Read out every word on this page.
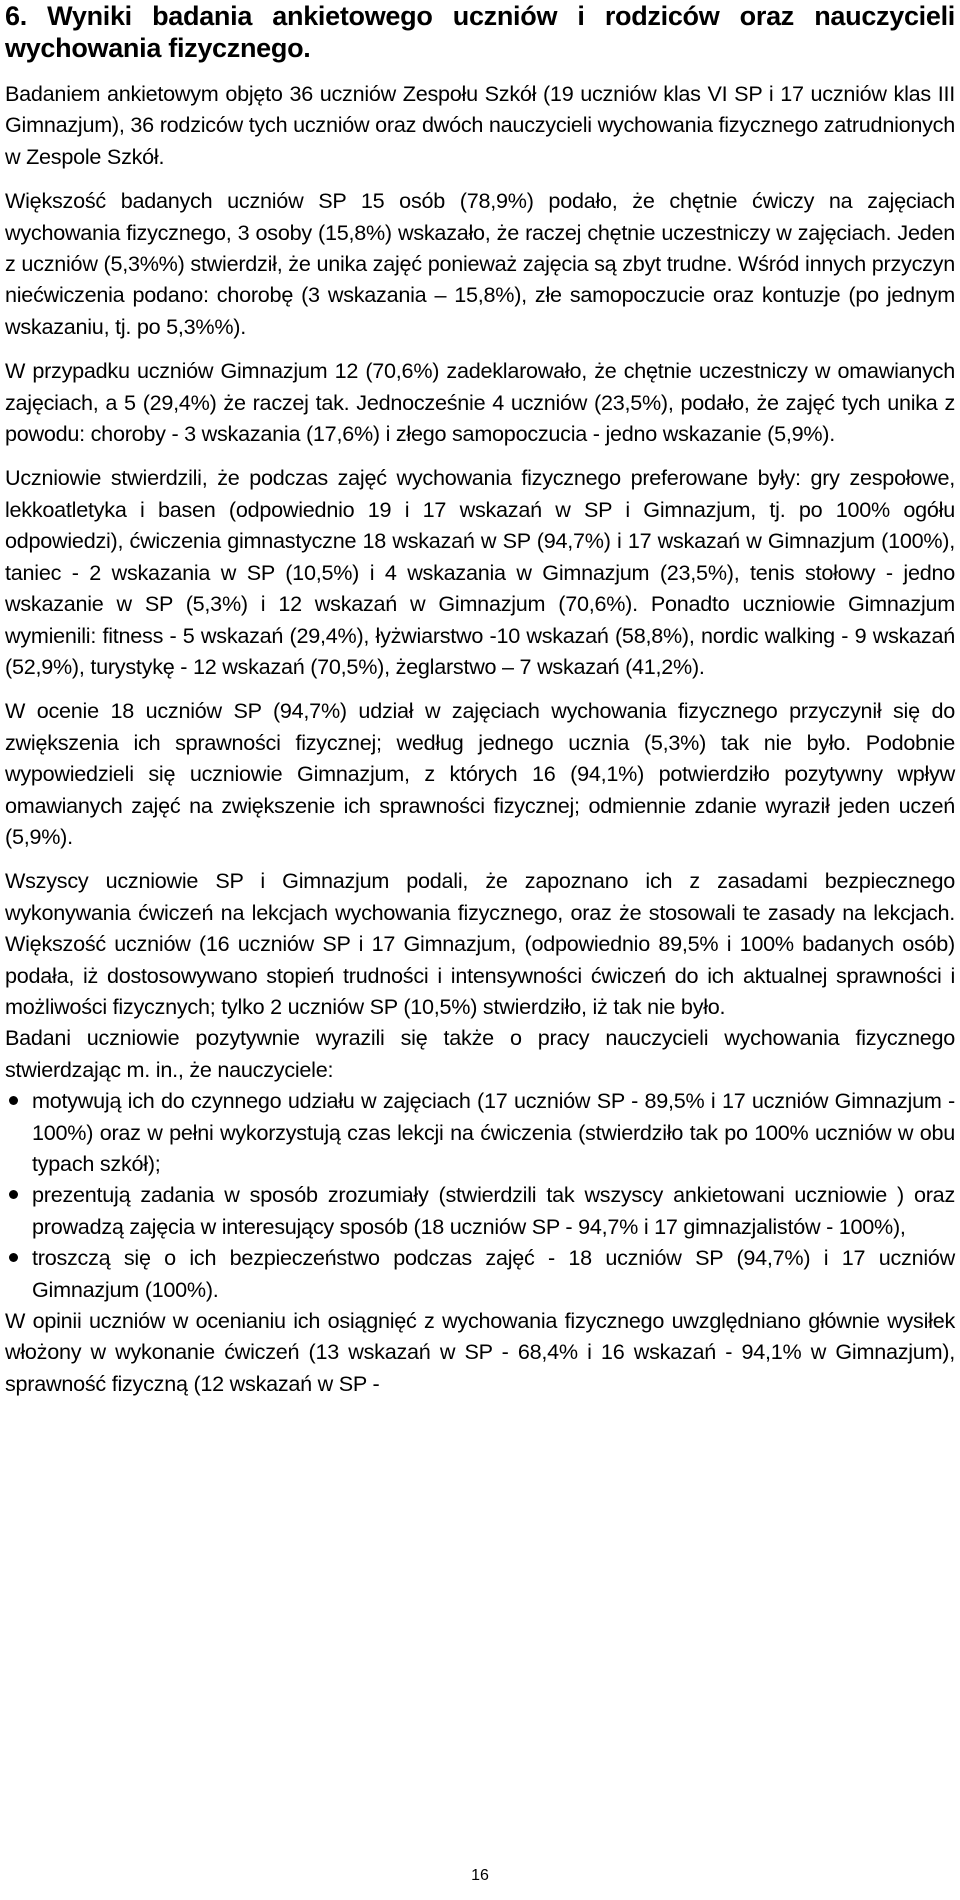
6. Wyniki badania ankietowego uczniów i rodziców oraz nauczycieli wychowania fizycznego.

Badaniem ankietowym objęto 36 uczniów Zespołu Szkół (19 uczniów klas VI SP i 17 uczniów klas III Gimnazjum), 36 rodziców tych uczniów oraz dwóch nauczycieli wychowania fizycznego zatrudnionych w Zespole Szkół.

Większość badanych uczniów SP 15 osób (78,9%) podało, że chętnie ćwiczy na zajęciach wychowania fizycznego, 3 osoby (15,8%) wskazało, że raczej chętnie uczestniczy w zajęciach. Jeden z uczniów (5,3%%) stwierdził, że unika zajęć ponieważ zajęcia są zbyt trudne. Wśród innych przyczyn niećwiczenia podano: chorobę (3 wskazania – 15,8%), złe samopoczucie oraz kontuzje (po jednym wskazaniu, tj. po 5,3%%).

W przypadku uczniów Gimnazjum 12 (70,6%) zadeklarowało, że chętnie uczestniczy w omawianych zajęciach, a 5 (29,4%) że raczej tak. Jednocześnie 4 uczniów (23,5%), podało, że zajęć tych unika z powodu: choroby - 3 wskazania (17,6%) i złego samopoczucia - jedno wskazanie (5,9%).

Uczniowie stwierdzili, że podczas zajęć wychowania fizycznego preferowane były: gry zespołowe, lekkoatletyka i basen (odpowiednio 19 i 17 wskazań w SP i Gimnazjum, tj. po 100% ogółu odpowiedzi), ćwiczenia gimnastyczne 18 wskazań w SP (94,7%) i 17 wskazań w Gimnazjum (100%), taniec - 2 wskazania w SP (10,5%) i 4 wskazania w Gimnazjum (23,5%), tenis stołowy - jedno wskazanie w SP (5,3%) i 12 wskazań w Gimnazjum (70,6%). Ponadto uczniowie Gimnazjum wymienili: fitness - 5 wskazań (29,4%), łyżwiarstwo -10 wskazań (58,8%), nordic walking - 9 wskazań (52,9%), turystykę - 12 wskazań (70,5%), żeglarstwo – 7 wskazań (41,2%).

W ocenie 18 uczniów SP (94,7%) udział w zajęciach wychowania fizycznego przyczynił się do zwiększenia ich sprawności fizycznej; według jednego ucznia (5,3%) tak nie było. Podobnie wypowiedzieli się uczniowie Gimnazjum, z których 16 (94,1%) potwierdziło pozytywny wpływ omawianych zajęć na zwiększenie ich sprawności fizycznej; odmiennie zdanie wyraził jeden uczeń (5,9%).

Wszyscy uczniowie SP i Gimnazjum podali, że zapoznano ich z zasadami bezpiecznego wykonywania ćwiczeń na lekcjach wychowania fizycznego, oraz że stosowali te zasady na lekcjach. Większość uczniów (16 uczniów SP i 17 Gimnazjum, (odpowiednio 89,5% i 100% badanych osób) podała, iż dostosowywano stopień trudności i intensywności ćwiczeń do ich aktualnej sprawności i możliwości fizycznych; tylko 2 uczniów SP (10,5%) stwierdziło, iż tak nie było.

Badani uczniowie pozytywnie wyrazili się także o pracy nauczycieli wychowania fizycznego stwierdzając m. in., że nauczyciele:

motywują ich do czynnego udziału w zajęciach (17 uczniów SP - 89,5% i 17 uczniów Gimnazjum - 100%) oraz w pełni wykorzystują czas lekcji na ćwiczenia (stwierdziło tak po 100% uczniów w obu typach szkół);
prezentują zadania w sposób zrozumiały (stwierdzili tak wszyscy ankietowani uczniowie ) oraz prowadzą zajęcia w interesujący sposób (18 uczniów SP - 94,7% i 17 gimnazjalistów - 100%),
troszczą się o ich bezpieczeństwo podczas zajęć - 18 uczniów SP (94,7%) i 17 uczniów Gimnazjum (100%).

W opinii uczniów w ocenianiu ich osiągnięć z wychowania fizycznego uwzględniano głównie wysiłek włożony w wykonanie ćwiczeń (13 wskazań w SP - 68,4% i 16 wskazań - 94,1% w Gimnazjum), sprawność fizyczną (12 wskazań w SP -

16
